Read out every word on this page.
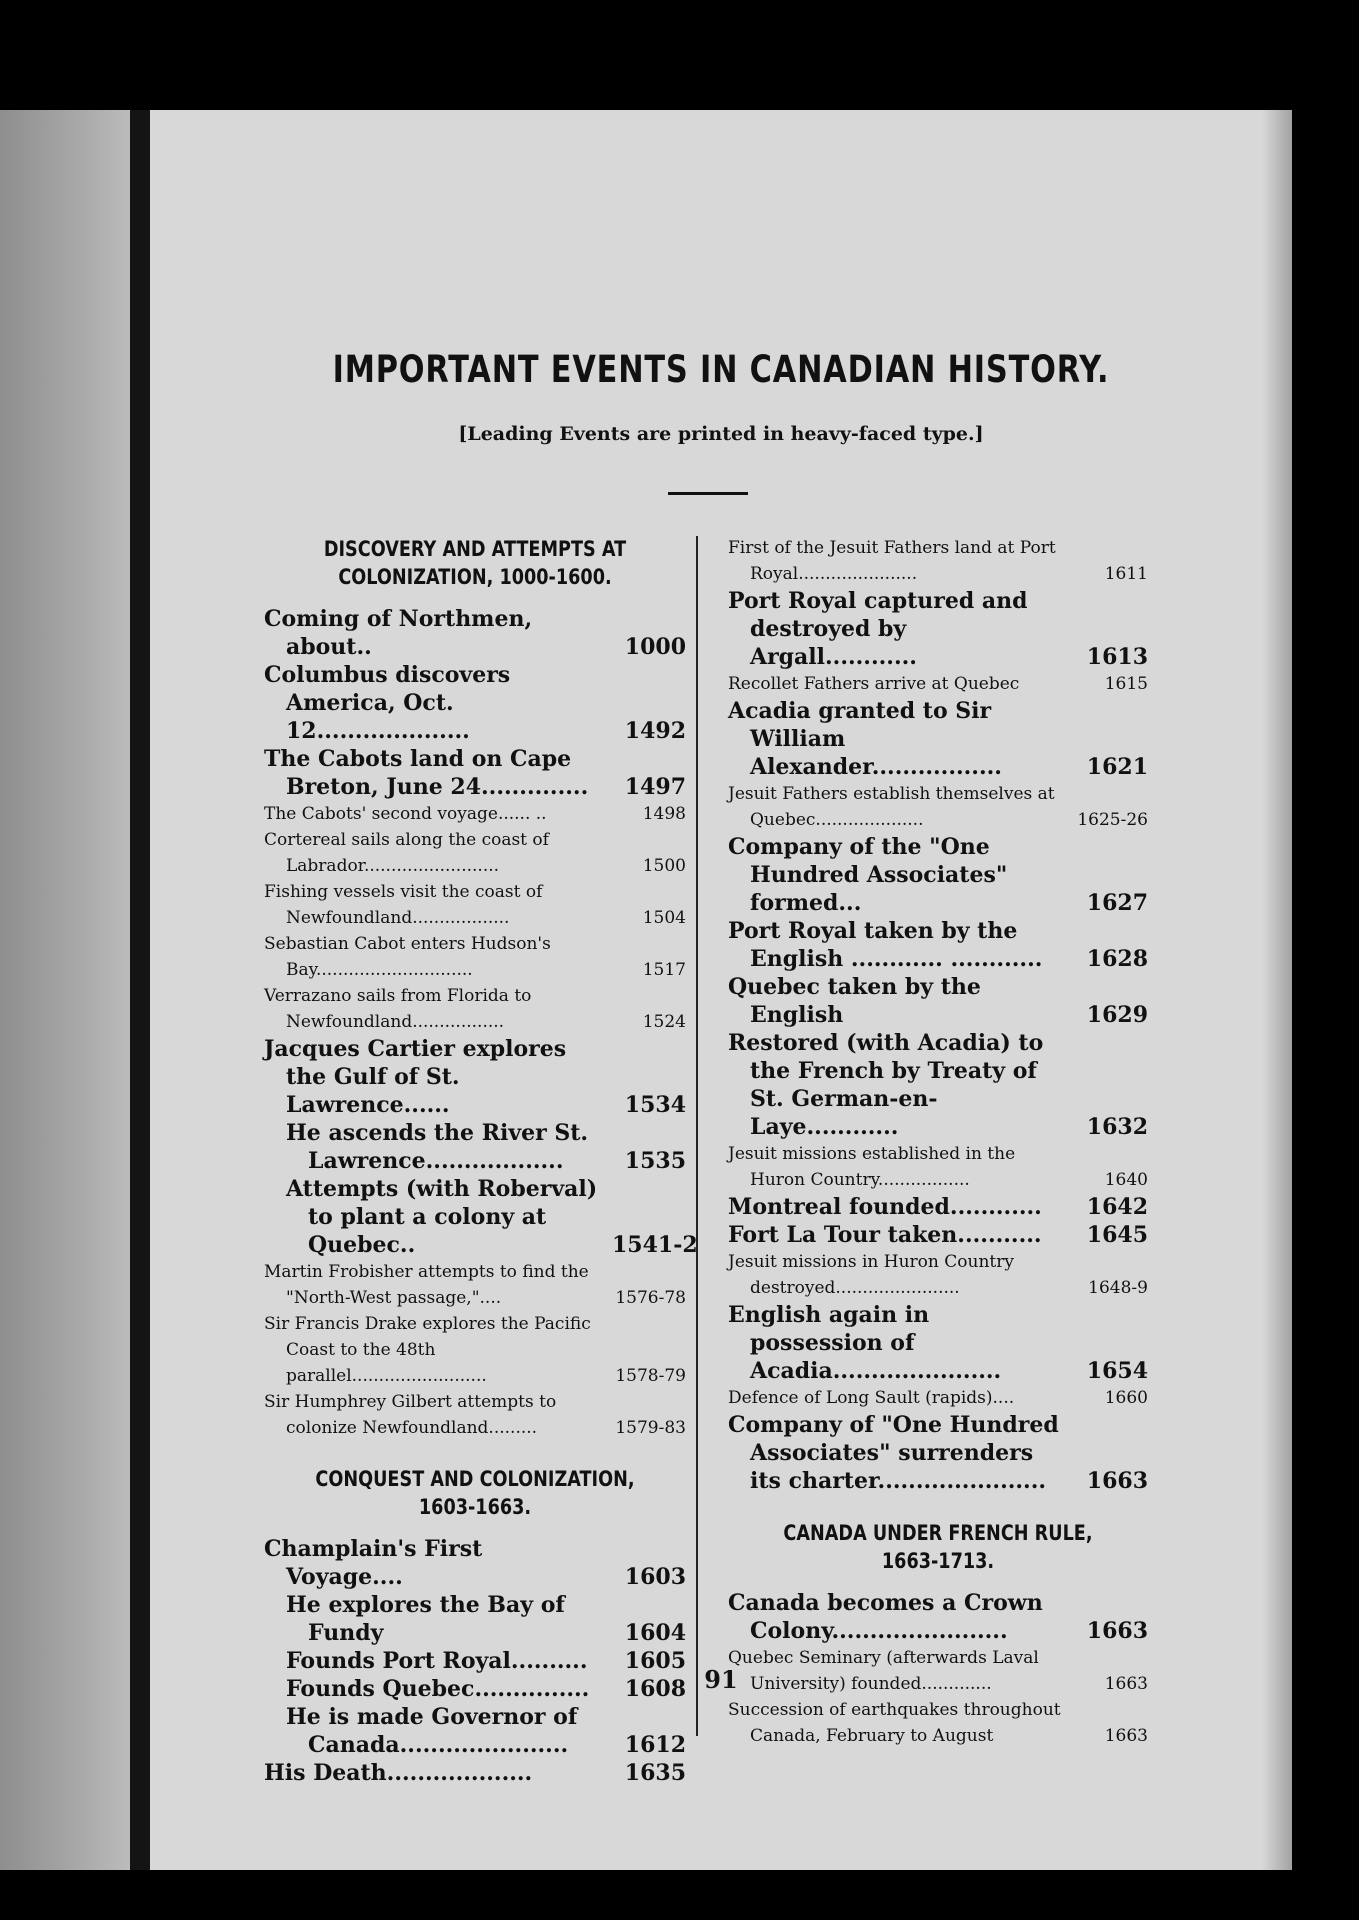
IMPORTANT EVENTS IN CANADIAN HISTORY.
[Leading Events are printed in heavy-faced type.]
DISCOVERY AND ATTEMPTS AT
COLONIZATION, 1000-1600.
Coming of Northmen, about..	1000
Columbus discovers America, Oct. 12....................	1492
The Cabots land on Cape Breton, June 24..............	1497
The Cabots' second voyage...... ..	1498
Cortereal sails along the coast of Labrador.........................	1500
Fishing vessels visit the coast of Newfoundland..................	1504
Sebastian Cabot enters Hudson's Bay.............................	1517
Verrazano sails from Florida to Newfoundland.................	1524
Jacques Cartier explores the Gulf of St. Lawrence......	1534
He ascends the River St. Lawrence..................	1535
Attempts (with Roberval) to plant a colony at Quebec..	1541-2
Martin Frobisher attempts to find the "North-West passage,"....	1576-78
Sir Francis Drake explores the Pacific Coast to the 48th parallel.........................	1578-79
Sir Humphrey Gilbert attempts to colonize Newfoundland.........	1579-83
CONQUEST AND COLONIZATION,
1603-1663.
Champlain's First Voyage....	1603
He explores the Bay of Fundy	1604
Founds Port Royal..........	1605
Founds Quebec...............	1608
He is made Governor of Canada......................	1612
His Death...................	1635
First of the Jesuit Fathers land at Port Royal......................	1611
Port Royal captured and destroyed by Argall............	1613
Recollet Fathers arrive at Quebec	1615
Acadia granted to Sir William Alexander.................	1621
Jesuit Fathers establish themselves at Quebec....................	1625-26
Company of the "One Hundred Associates" formed...	1627
Port Royal taken by the English ............ ............	1628
Quebec taken by the English	1629
Restored (with Acadia) to the French by Treaty of St. German-en-Laye............	1632
Jesuit missions established in the Huron Country.................	1640
Montreal founded............	1642
Fort La Tour taken...........	1645
Jesuit missions in Huron Country destroyed.......................	1648-9
English again in possession of Acadia......................	1654
Defence of Long Sault (rapids)....	1660
Company of "One Hundred Associates" surrenders its charter......................	1663
CANADA UNDER FRENCH RULE,
1663-1713.
Canada becomes a Crown Colony.......................	1663
Quebec Seminary (afterwards Laval University) founded.............	1663
Succession of earthquakes throughout Canada, February to August	1663
91
